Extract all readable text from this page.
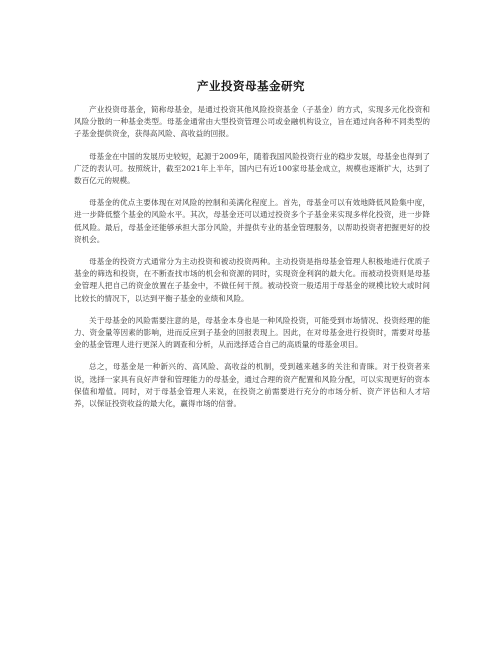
产业投资母基金研究

产业投资母基金，简称母基金，是通过投资其他风险投资基金（子基金）的方式，实现多元化投资和风险分散的一种基金类型。母基金通常由大型投资管理公司或金融机构设立，旨在通过向各种不同类型的子基金提供资金，获得高风险、高收益的回报。

母基金在中国的发展历史较短，起源于2009年，随着我国风险投资行业的稳步发展，母基金也得到了广泛的表认可。按照统计，截至2021年上半年，国内已有近100家母基金成立，规模也逐渐扩大，达到了数百亿元的规模。

母基金的优点主要体现在对风险的控制和美满化程度上。首先，母基金可以有效地降低风险集中度，进一步降低整个基金的风险水平。其次，母基金还可以通过投资多个子基金来实现多样化投资，进一步降低风险。最后，母基金还能够承担大部分风险，并提供专业的基金管理服务，以帮助投资者把握更好的投资机会。

母基金的投资方式通常分为主动投资和被动投资两种。主动投资是指母基金管理人积极地进行优质子基金的筛选和投资，在不断查找市场的机会和资源的同时，实现资金利润的最大化。而被动投资则是母基金管理人把自己的资金放置在子基金中，不做任何干预。被动投资一般适用于母基金的规模比较大或时间比较长的情况下，以达到平衡子基金的业绩和风险。

关于母基金的风险需要注意的是，母基金本身也是一种风险投资，可能受到市场情况、投资经理的能力、资金量等因素的影响，进而反应到子基金的回报表现上。因此，在对母基金进行投资时，需要对母基金的基金管理人进行更深入的调查和分析，从而选择适合自己的高质量的母基金项目。

总之，母基金是一种新兴的、高风险、高收益的机制，受到越来越多的关注和青睐。对于投资者来说，选择一家具有良好声誉和管理能力的母基金，通过合理的资产配置和风险分配，可以实现更好的资本保值和增值。同时，对于母基金管理人来说，在投资之前需要进行充分的市场分析、资产评估和人才培养，以保证投资收益的最大化，赢得市场的信誉。
